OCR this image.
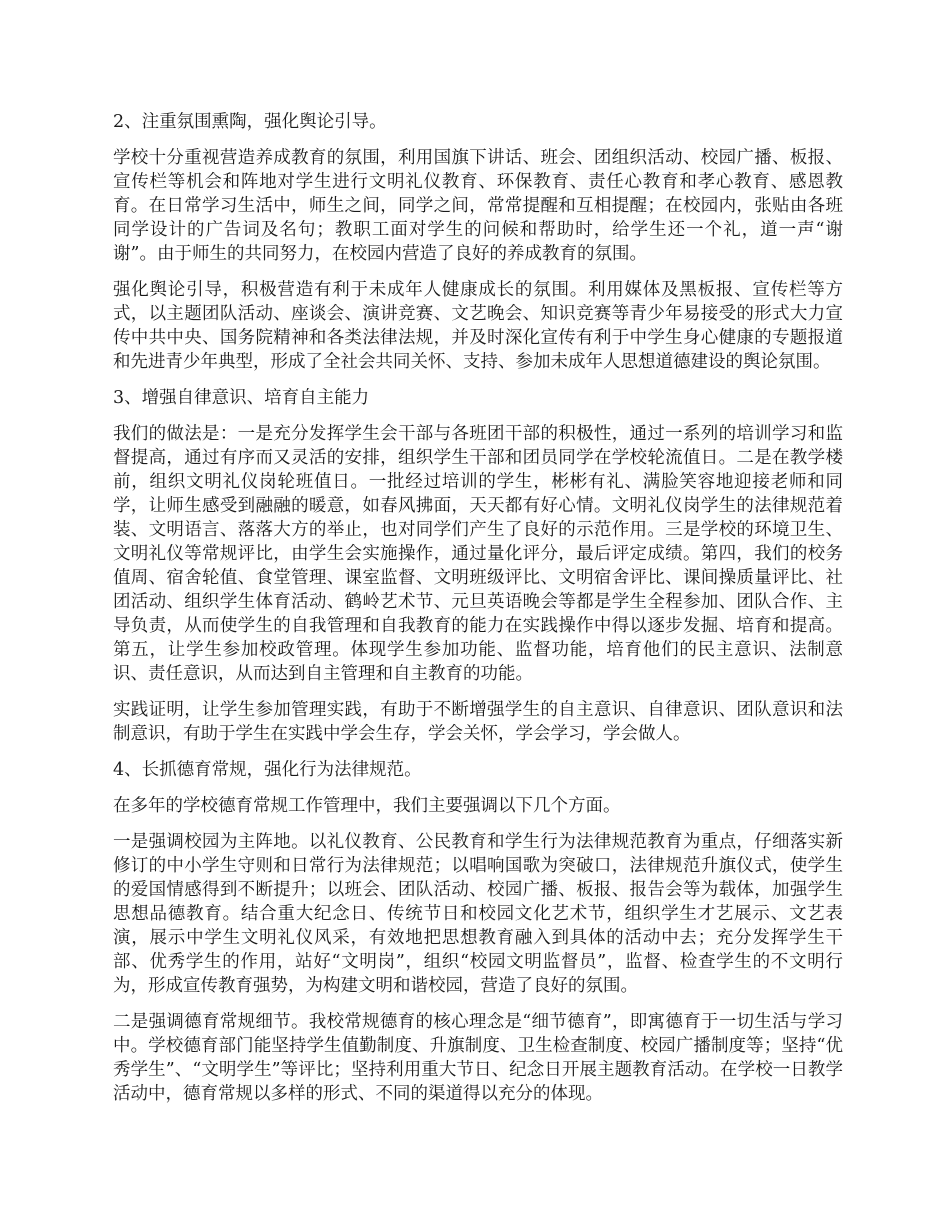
2、注重氛围熏陶，强化舆论引导。

学校十分重视营造养成教育的氛围，利用国旗下讲话、班会、团组织活动、校园广播、板报、宣传栏等机会和阵地对学生进行文明礼仪教育、环保教育、责任心教育和孝心教育、感恩教育。在日常学习生活中，师生之间，同学之间，常常提醒和互相提醒；在校园内，张贴由各班同学设计的广告词及名句；教职工面对学生的问候和帮助时，给学生还一个礼，道一声“谢谢”。由于师生的共同努力，在校园内营造了良好的养成教育的氛围。

强化舆论引导，积极营造有利于未成年人健康成长的氛围。利用媒体及黑板报、宣传栏等方式，以主题团队活动、座谈会、演讲竞赛、文艺晚会、知识竞赛等青少年易接受的形式大力宣传中共中央、国务院精神和各类法律法规，并及时深化宣传有利于中学生身心健康的专题报道和先进青少年典型，形成了全社会共同关怀、支持、参加未成年人思想道德建设的舆论氛围。

3、增强自律意识、培育自主能力

我们的做法是：一是充分发挥学生会干部与各班团干部的积极性，通过一系列的培训学习和监督提高，通过有序而又灵活的安排，组织学生干部和团员同学在学校轮流值日。二是在教学楼前，组织文明礼仪岗轮班值日。一批经过培训的学生，彬彬有礼、满脸笑容地迎接老师和同学，让师生感受到融融的暖意，如春风拂面，天天都有好心情。文明礼仪岗学生的法律规范着装、文明语言、落落大方的举止，也对同学们产生了良好的示范作用。三是学校的环境卫生、文明礼仪等常规评比，由学生会实施操作，通过量化评分，最后评定成绩。第四，我们的校务值周、宿舍轮值、食堂管理、课室监督、文明班级评比、文明宿舍评比、课间操质量评比、社团活动、组织学生体育活动、鹤岭艺术节、元旦英语晚会等都是学生全程参加、团队合作、主导负责，从而使学生的自我管理和自我教育的能力在实践操作中得以逐步发掘、培育和提高。第五，让学生参加校政管理。体现学生参加功能、监督功能，培育他们的民主意识、法制意识、责任意识，从而达到自主管理和自主教育的功能。

实践证明，让学生参加管理实践，有助于不断增强学生的自主意识、自律意识、团队意识和法制意识，有助于学生在实践中学会生存，学会关怀，学会学习，学会做人。

4、长抓德育常规，强化行为法律规范。

在多年的学校德育常规工作管理中，我们主要强调以下几个方面。

一是强调校园为主阵地。以礼仪教育、公民教育和学生行为法律规范教育为重点，仔细落实新修订的中小学生守则和日常行为法律规范；以唱响国歌为突破口，法律规范升旗仪式，使学生的爱国情感得到不断提升；以班会、团队活动、校园广播、板报、报告会等为载体，加强学生思想品德教育。结合重大纪念日、传统节日和校园文化艺术节，组织学生才艺展示、文艺表演，展示中学生文明礼仪风采，有效地把思想教育融入到具体的活动中去；充分发挥学生干部、优秀学生的作用，站好“文明岗”，组织“校园文明监督员”，监督、检查学生的不文明行为，形成宣传教育强势，为构建文明和谐校园，营造了良好的氛围。

二是强调德育常规细节。我校常规德育的核心理念是“细节德育”，即寓德育于一切生活与学习中。学校德育部门能坚持学生值勤制度、升旗制度、卫生检查制度、校园广播制度等；坚持“优秀学生”、“文明学生”等评比；坚持利用重大节日、纪念日开展主题教育活动。在学校一日教学活动中，德育常规以多样的形式、不同的渠道得以充分的体现。
